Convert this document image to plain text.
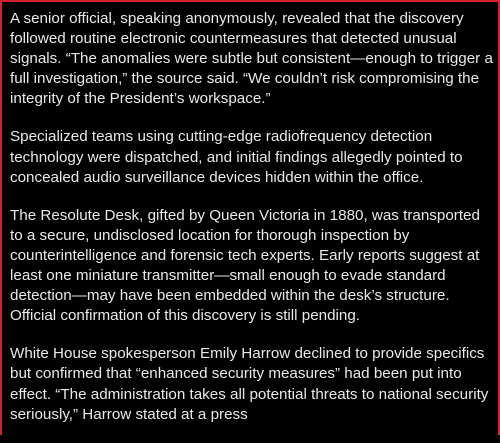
A senior official, speaking anonymously, revealed that the discovery followed routine electronic countermeasures that detected unusual signals. “The anomalies were subtle but consistent—enough to trigger a full investigation,” the source said. “We couldn’t risk compromising the integrity of the President’s workspace.”

Specialized teams using cutting-edge radiofrequency detection technology were dispatched, and initial findings allegedly pointed to concealed audio surveillance devices hidden within the office.

The Resolute Desk, gifted by Queen Victoria in 1880, was transported to a secure, undisclosed location for thorough inspection by counterintelligence and forensic tech experts. Early reports suggest at least one miniature transmitter—small enough to evade standard detection—may have been embedded within the desk’s structure. Official confirmation of this discovery is still pending.

White House spokesperson Emily Harrow declined to provide specifics but confirmed that “enhanced security measures” had been put into effect. “The administration takes all potential threats to national security seriously,” Harrow stated at a press
